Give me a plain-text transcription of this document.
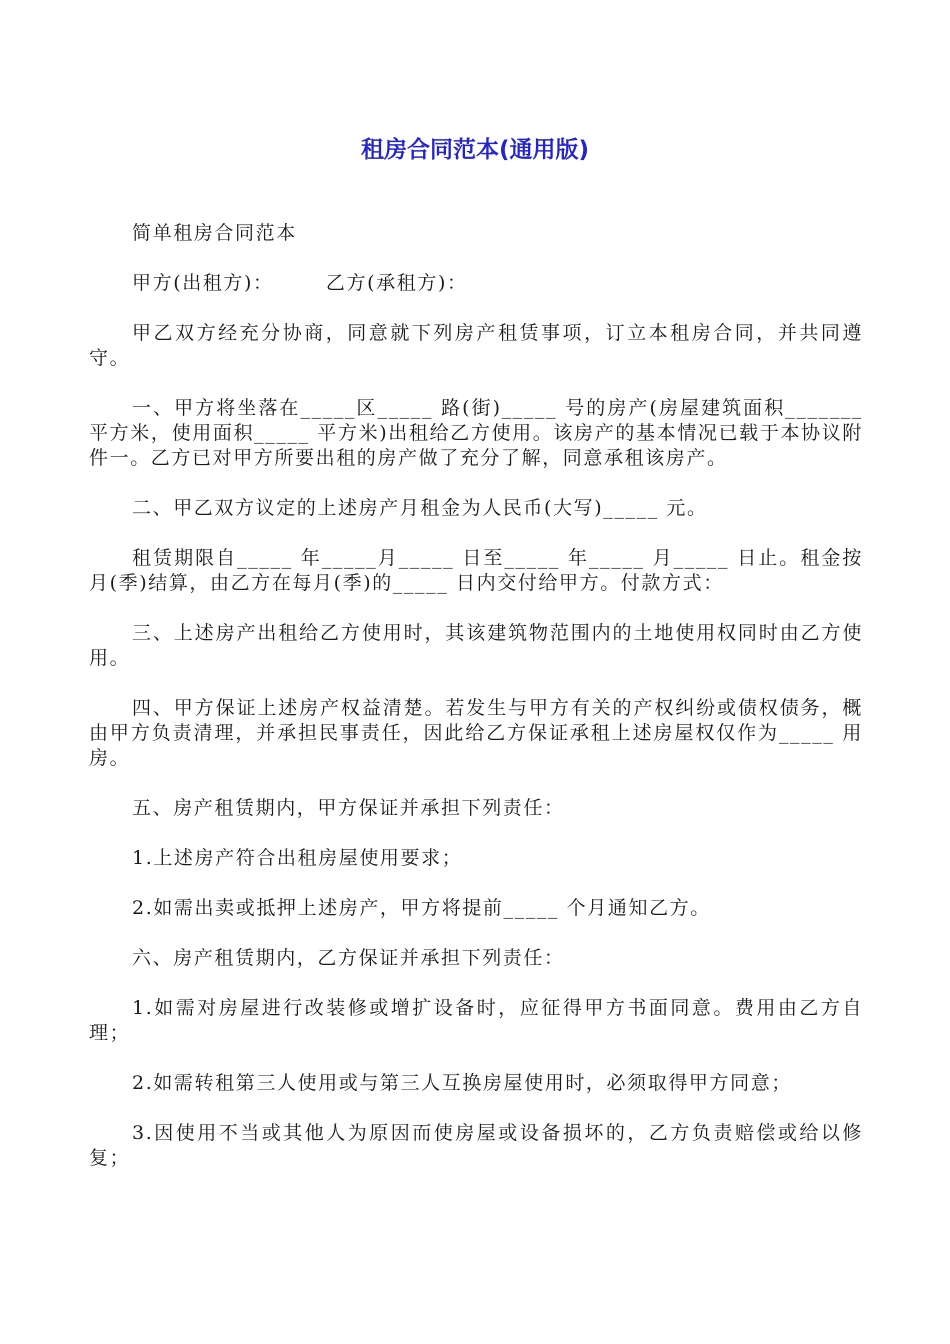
租房合同范本(通用版)

简单租房合同范本

甲方(出租方)：　　　乙方(承租方)：

甲乙双方经充分协商，同意就下列房产租赁事项，订立本租房合同，并共同遵守。

一、甲方将坐落在_____区_____ 路(街)_____ 号的房产(房屋建筑面积_______ 平方米，使用面积_____ 平方米)出租给乙方使用。该房产的基本情况已载于本协议附件一。乙方已对甲方所要出租的房产做了充分了解，同意承租该房产。

二、甲乙双方议定的上述房产月租金为人民币(大写)_____ 元。

租赁期限自_____ 年_____月_____ 日至_____ 年_____ 月_____ 日止。租金按月(季)结算，由乙方在每月(季)的_____ 日内交付给甲方。付款方式：

三、上述房产出租给乙方使用时，其该建筑物范围内的土地使用权同时由乙方使用。

四、甲方保证上述房产权益清楚。若发生与甲方有关的产权纠纷或债权债务，概由甲方负责清理，并承担民事责任，因此给乙方保证承租上述房屋权仅作为_____ 用房。

五、房产租赁期内，甲方保证并承担下列责任：

1.上述房产符合出租房屋使用要求；

2.如需出卖或抵押上述房产，甲方将提前_____ 个月通知乙方。

六、房产租赁期内，乙方保证并承担下列责任：

1.如需对房屋进行改装修或增扩设备时，应征得甲方书面同意。费用由乙方自理；

2.如需转租第三人使用或与第三人互换房屋使用时，必须取得甲方同意；

3.因使用不当或其他人为原因而使房屋或设备损坏的，乙方负责赔偿或给以修复；
